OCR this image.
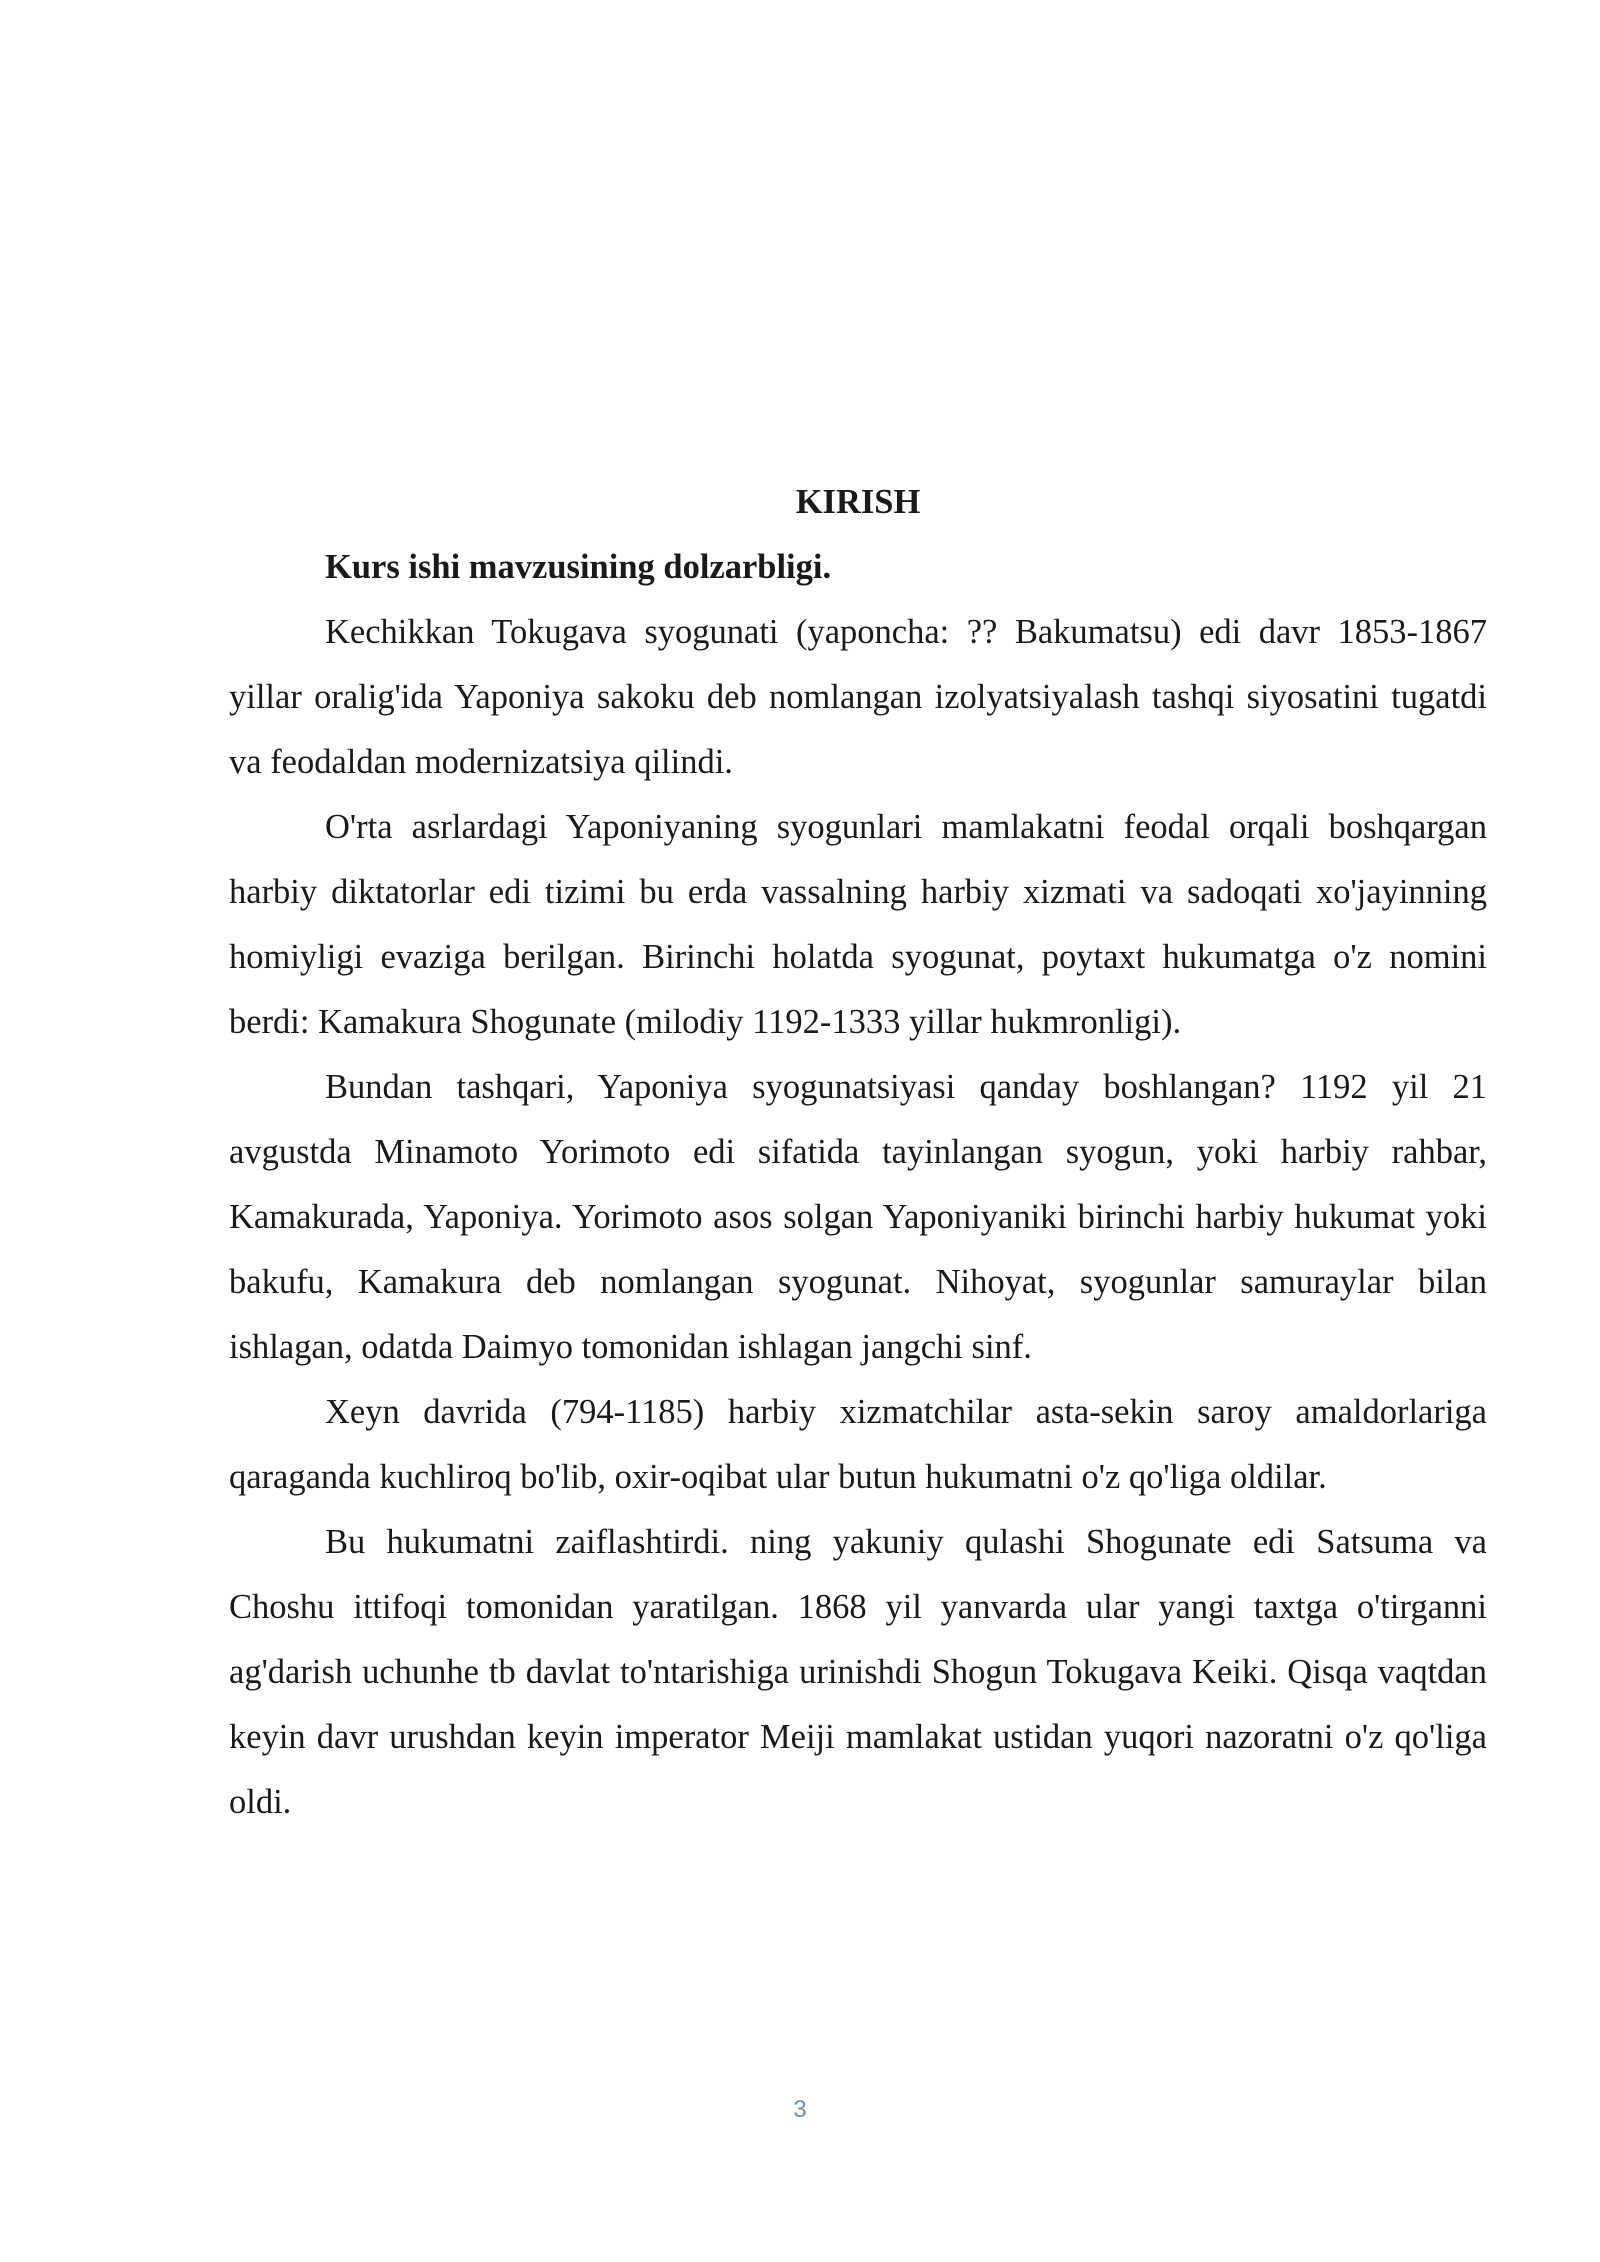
KIRISH
Kurs ishi mavzusining dolzarbligi.

Kechikkan Tokugava syogunati (yaponcha: ?? Bakumatsu) edi davr 1853-1867 yillar oralig'ida Yaponiya sakoku deb nomlangan izolyatsiyalash tashqi siyosatini tugatdi va feodaldan modernizatsiya qilindi.

O'rta asrlardagi Yaponiyaning syogunlari mamlakatni feodal orqali boshqargan harbiy diktatorlar edi tizimi bu erda vassalning harbiy xizmati va sadoqati xo'jayinning homiyligi evaziga berilgan. Birinchi holatda syogunat, poytaxt hukumatga o'z nomini berdi: Kamakura Shogunate (milodiy 1192-1333 yillar hukmronligi).

Bundan tashqari, Yaponiya syogunatsiyasi qanday boshlangan? 1192 yil 21 avgustda Minamoto Yorimoto edi sifatida tayinlangan syogun, yoki harbiy rahbar, Kamakurada, Yaponiya. Yorimoto asos solgan Yaponiyaniki birinchi harbiy hukumat yoki bakufu, Kamakura deb nomlangan syogunat. Nihoyat, syogunlar samuraylar bilan ishlagan, odatda Daimyo tomonidan ishlagan jangchi sinf.

Xeyn davrida (794-1185) harbiy xizmatchilar asta-sekin saroy amaldorlariga qaraganda kuchliroq bo'lib, oxir-oqibat ular butun hukumatni o'z qo'liga oldilar.

Bu hukumatni zaiflashtirdi. ning yakuniy qulashi Shogunate edi Satsuma va Choshu ittifoqi tomonidan yaratilgan. 1868 yil yanvarda ular yangi taxtga o'tirganni ag'darish uchunhe tb davlat to'ntarishiga urinishdi Shogun Tokugava Keiki. Qisqa vaqtdan keyin davr urushdan keyin imperator Meiji mamlakat ustidan yuqori nazoratni o'z qo'liga oldi.

3
